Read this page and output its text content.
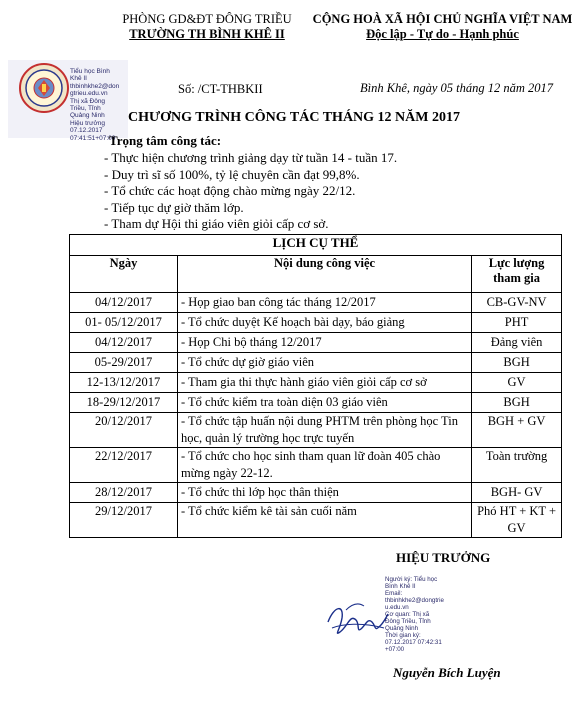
PHÒNG GD&ĐT ĐÔNG TRIỀU
TRƯỜNG TH BÌNH KHÊ II
CỘNG HOÀ XÃ HỘI CHỦ NGHĨA VIỆT NAM
Độc lập - Tự do - Hạnh phúc
Số: /CT-THBKII	Bình Khê, ngày 05 tháng 12 năm 2017
Tiểu học Bình
Khê II
thbinhkhe2@don
gtrieu.edu.vn
Thị xã Đông
Triều, Tỉnh
Quảng Ninh
Hiệu trưởng
07.12.2017
07:41:51+07:00
CHƯƠNG TRÌNH CÔNG TÁC THÁNG 12 NĂM 2017
Trọng tâm công tác:
- Thực hiện chương trình giảng dạy từ tuần 14 - tuần 17.
- Duy trì sĩ số 100%, tỷ lệ chuyên cần đạt 99,8%.
- Tổ chức các hoạt động chào mừng ngày 22/12.
- Tiếp tục dự giờ thăm lớp.
- Tham dự Hội thi giáo viên giỏi cấp cơ sở.
LỊCH CỤ THỂ		
Ngày	Nội dung công việc	Lực lượng tham gia
04/12/2017	- Họp giao ban công tác tháng 12/2017	CB-GV-NV
01- 05/12/2017	- Tổ chức duyệt Kế hoạch bài dạy, báo giảng	PHT
04/12/2017	- Họp Chi bộ tháng 12/2017	Đảng viên
05-29/2017	- Tổ chức dự giờ giáo viên	BGH
12-13/12/2017	- Tham gia thi thực hành giáo viên giỏi cấp cơ sở	GV
18-29/12/2017	- Tổ chức kiểm tra toàn diện 03 giáo viên	BGH
20/12/2017	- Tổ chức tập huấn nội dung PHTM trên phòng học Tin học, quản lý trường học trực tuyến	BGH + GV
22/12/2017	- Tổ chức cho học sinh tham quan lữ đoàn 405 chào mừng ngày 22-12.	Toàn trường
28/12/2017	- Tổ chức thi lớp học thân thiện	BGH- GV
29/12/2017	- Tổ chức kiểm kê tài sản cuối năm	Phó HT + KT + GV
HIỆU TRƯỞNG
Người ký: Tiểu học
Bình Khê II
Email:
thbinhkhe2@dongtrie
u.edu.vn
Cơ quan: Thị xã
Đông Triều, Tỉnh
Quảng Ninh
Thời gian ký:
07.12.2017 07:42:31
+07:00
Nguyễn Bích Luyện
